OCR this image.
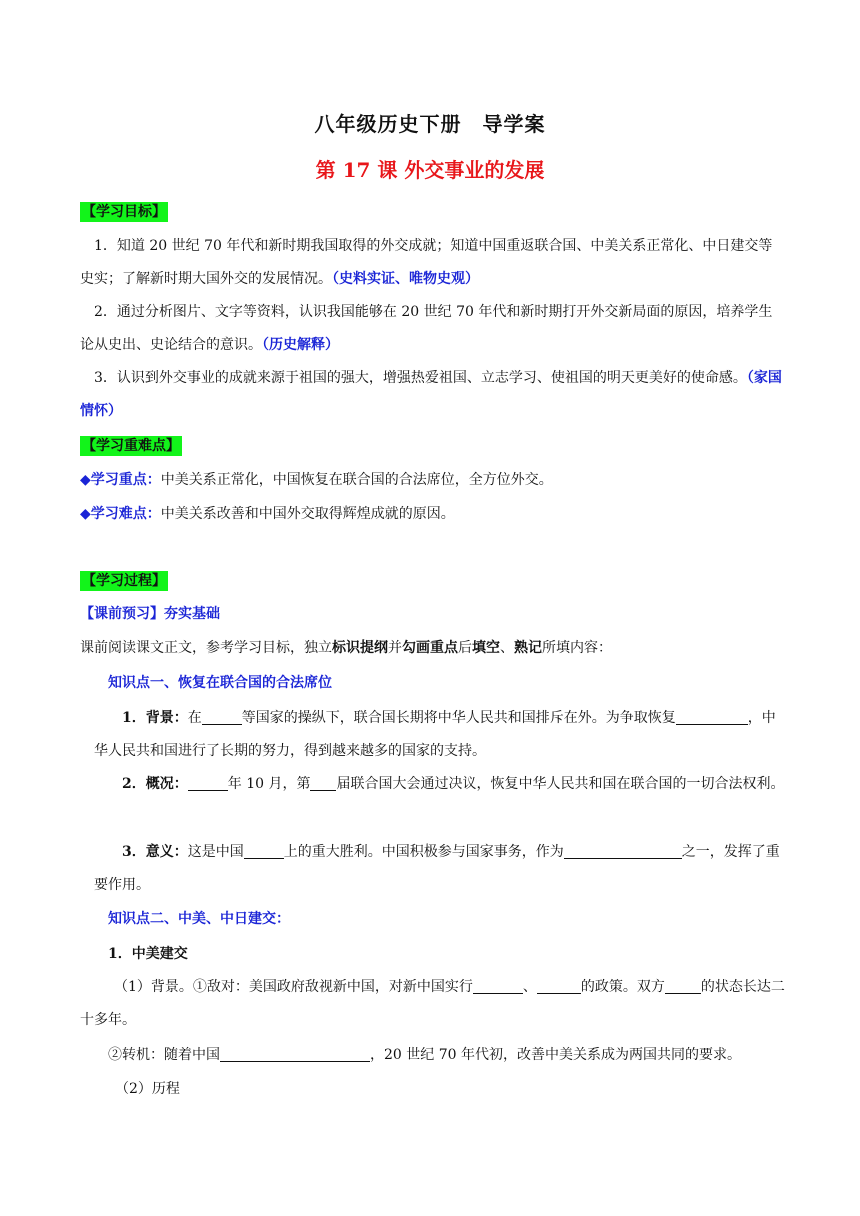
八年级历史下册　导学案
第 17 课 外交事业的发展

【学习目标】

1．知道 20 世纪 70 年代和新时期我国取得的外交成就；知道中国重返联合国、中美关系正常化、中日建交等史实；了解新时期大国外交的发展情况。（史料实证、唯物史观）

2．通过分析图片、文字等资料，认识我国能够在 20 世纪 70 年代和新时期打开外交新局面的原因，培养学生论从史出、史论结合的意识。（历史解释）

3．认识到外交事业的成就来源于祖国的强大，增强热爱祖国、立志学习、使祖国的明天更美好的使命感。（家国情怀）

【学习重难点】

◆学习重点：中美关系正常化，中国恢复在联合国的合法席位，全方位外交。

◆学习难点：中美关系改善和中国外交取得辉煌成就的原因。

【学习过程】

【课前预习】夯实基础

课前阅读课文正文，参考学习目标，独立标识提纲并勾画重点后填空、熟记所填内容：

知识点一、恢复在联合国的合法席位

1．背景：在	等国家的操纵下，联合国长期将中华人民共和国排斥在外。为争取恢复	，中华人民共和国进行了长期的努力，得到越来越多的国家的支持。

2．概况：	年 10 月，第 届联合国大会通过决议，恢复中华人民共和国在联合国的一切合法权利。

3．意义：这是中国	上的重大胜利。中国积极参与国家事务，作为	之一，发挥了重要作用。

知识点二、中美、中日建交：

1．中美建交

（1）背景。①敌对：美国政府敌视新中国，对新中国实行	、	的政策。双方	的状态长达二十多年。

②转机：随着中国	，20 世纪 70 年代初，改善中美关系成为两国共同的要求。

（2）历程
